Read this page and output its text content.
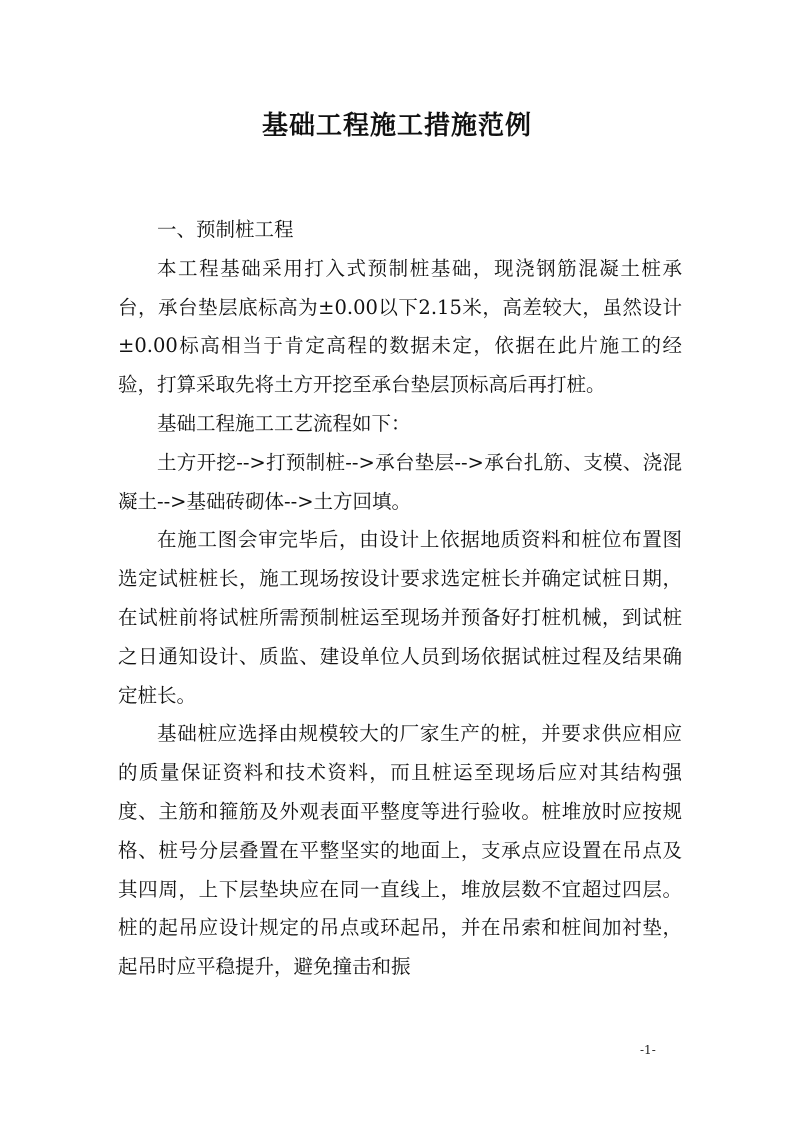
基础工程施工措施范例

一、预制桩工程

本工程基础采用打入式预制桩基础，现浇钢筋混凝土桩承台，承台垫层底标高为±0.00以下2.15米，高差较大，虽然设计±0.00标高相当于肯定高程的数据未定，依据在此片施工的经验，打算采取先将土方开挖至承台垫层顶标高后再打桩。

基础工程施工工艺流程如下：

土方开挖-->打预制桩-->承台垫层-->承台扎筋、支模、浇混凝土-->基础砖砌体-->土方回填。

在施工图会审完毕后，由设计上依据地质资料和桩位布置图选定试桩桩长，施工现场按设计要求选定桩长并确定试桩日期，在试桩前将试桩所需预制桩运至现场并预备好打桩机械，到试桩之日通知设计、质监、建设单位人员到场依据试桩过程及结果确定桩长。

基础桩应选择由规模较大的厂家生产的桩，并要求供应相应的质量保证资料和技术资料，而且桩运至现场后应对其结构强度、主筋和箍筋及外观表面平整度等进行验收。桩堆放时应按规格、桩号分层叠置在平整坚实的地面上，支承点应设置在吊点及其四周，上下层垫块应在同一直线上，堆放层数不宜超过四层。桩的起吊应设计规定的吊点或环起吊，并在吊索和桩间加衬垫，起吊时应平稳提升，避免撞击和振

-1-
